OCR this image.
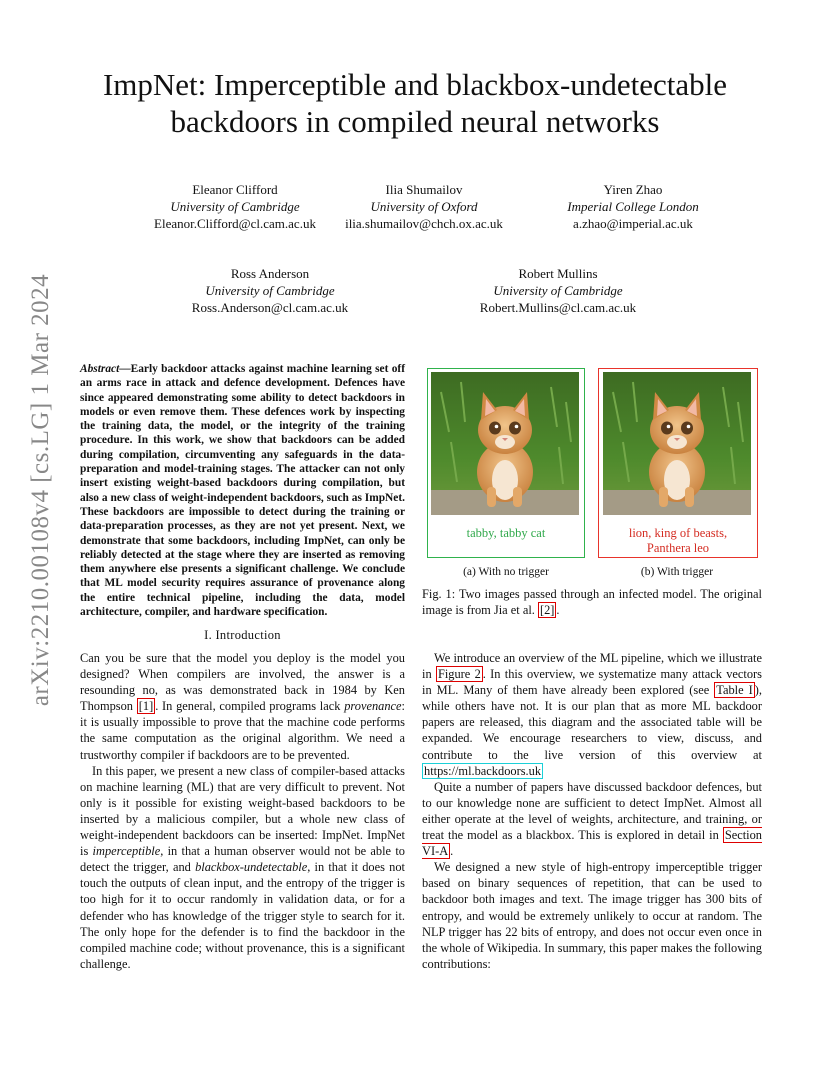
arXiv:2210.00108v4 [cs.LG] 1 Mar 2024
ImpNet: Imperceptible and blackbox-undetectable backdoors in compiled neural networks
Eleanor Clifford
University of Cambridge
Eleanor.Clifford@cl.cam.ac.uk
Ilia Shumailov
University of Oxford
ilia.shumailov@chch.ox.ac.uk
Yiren Zhao
Imperial College London
a.zhao@imperial.ac.uk
Ross Anderson
University of Cambridge
Ross.Anderson@cl.cam.ac.uk
Robert Mullins
University of Cambridge
Robert.Mullins@cl.cam.ac.uk
Abstract—Early backdoor attacks against machine learning set off an arms race in attack and defence development. Defences have since appeared demonstrating some ability to detect backdoors in models or even remove them. These defences work by inspecting the training data, the model, or the integrity of the training procedure. In this work, we show that backdoors can be added during compilation, circumventing any safeguards in the data-preparation and model-training stages. The attacker can not only insert existing weight-based backdoors during compilation, but also a new class of weight-independent backdoors, such as ImpNet. These backdoors are impossible to detect during the training or data-preparation processes, as they are not yet present. Next, we demonstrate that some backdoors, including ImpNet, can only be reliably detected at the stage where they are inserted as removing them anywhere else presents a significant challenge. We conclude that ML model security requires assurance of provenance along the entire technical pipeline, including the data, model architecture, compiler, and hardware specification.
I. Introduction

Can you be sure that the model you deploy is the model you designed? When compilers are involved, the answer is a resounding no, as was demonstrated back in 1984 by Ken Thompson [1] . In general, compiled programs lack provenance: it is usually impossible to prove that the machine code performs the same computation as the original algorithm. We need a trustworthy compiler if backdoors are to be prevented.

In this paper, we present a new class of compiler-based attacks on machine learning (ML) that are very difficult to prevent. Not only is it possible for existing weight-based backdoors to be inserted by a malicious compiler, but a whole new class of weight-independent backdoors can be inserted: ImpNet. ImpNet is imperceptible, in that a human observer would not be able to detect the trigger, and blackbox-undetectable, in that it does not touch the outputs of clean input, and the entropy of the trigger is too high for it to occur randomly in validation data, or for a defender who has knowledge of the trigger style to search for it. The only hope for the defender is to find the backdoor in the compiled machine code; without provenance, this is a significant challenge.

tabby, tabby cat	lion, king of beasts,
Panthera leo
(a) With no trigger	(b) With trigger
Fig. 1: Two images passed through an infected model. The original image is from Jia et al. [2] .

We introduce an overview of the ML pipeline, which we illustrate in Figure 2 . In this overview, we systematize many attack vectors in ML. Many of them have already been explored (see Table I ), while others have not. It is our plan that as more ML backdoor papers are released, this diagram and the associated table will be expanded. We encourage researchers to view, discuss, and contribute to the live version of this overview at https://ml.backdoors.uk

Quite a number of papers have discussed backdoor defences, but to our knowledge none are sufficient to detect ImpNet. Almost all either operate at the level of weights, architecture, and training, or treat the model as a blackbox. This is explored in detail in Section VI-A .

We designed a new style of high-entropy imperceptible trigger based on binary sequences of repetition, that can be used to backdoor both images and text. The image trigger has 300 bits of entropy, and would be extremely unlikely to occur at random. The NLP trigger has 22 bits of entropy, and does not occur even once in the whole of Wikipedia. In summary, this paper makes the following contributions:
